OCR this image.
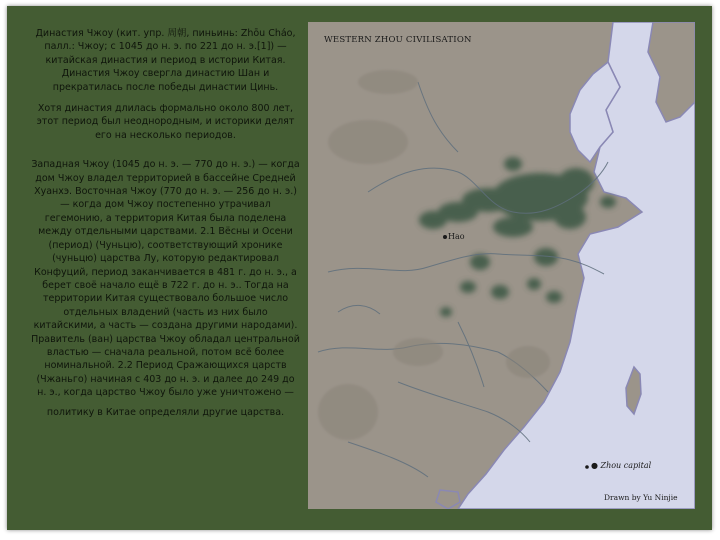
Династия Чжоу (кит. упр. 周朝, пиньинь: Zhōu Cháo, палл.: Чжоу; с 1045 до н. э. по 221 до н. э.[1]) — китайская династия и период в истории Китая. Династия Чжоу свергла династию Шан и прекратилась после победы династии Цинь.

Хотя династия длилась формально около 800 лет, этот период был неоднородным, и историки делят его на несколько периодов.

Западная Чжоу (1045 до н. э. — 770 до н. э.) — когда дом Чжоу владел территорией в бассейне Средней Хуанхэ. Восточная Чжоу (770 до н. э. — 256 до н. э.) — когда дом Чжоу постепенно утрачивал гегемонию, а территория Китая была поделена между отдельными царствами. 2.1 Вёсны и Осени (период) (Чуньцю), соответствующий хронике (чуньцю) царства Лу, которую редактировал Конфуций, период заканчивается в 481 г. до н. э., а берет своё начало ещё в 722 г. до н. э.. Тогда на территории Китая существовало большое число отдельных владений (часть из них было китайскими, а часть — создана другими народами). Правитель (ван) царства Чжоу обладал центральной властью — сначала реальной, потом всё более номинальной. 2.2 Период Сражающихся царств (Чжаньго) начиная с 403 до н. э. и далее до 249 до н. э., когда царство Чжоу было уже уничтожено —

политику в Китае определяли другие царства.

WESTERN ZHOU CIVILISATION
Hao
● Zhou capital
Drawn by Yu Ninjie
